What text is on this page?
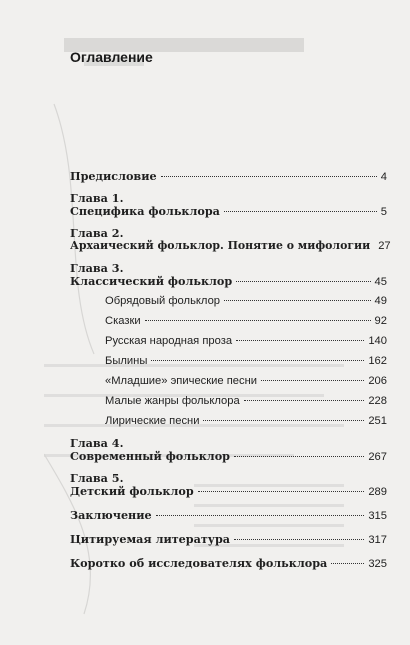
Оглавление
Предисловие	4
Глава 1.
Специфика фольклора	5
Глава 2.
Архаический фольклор. Понятие о мифологии 27
Глава 3.
Классический фольклор	45
Обрядовый фольклор	49
Сказки	92
Русская народная проза	140
Былины	162
«Младшие» эпические песни	206
Малые жанры фольклора	228
Лирические песни	251
Глава 4.
Современный фольклор	267
Глава 5.
Детский фольклор	289
Заключение	315
Цитируемая литература	317
Коротко об исследователях фольклора	325
